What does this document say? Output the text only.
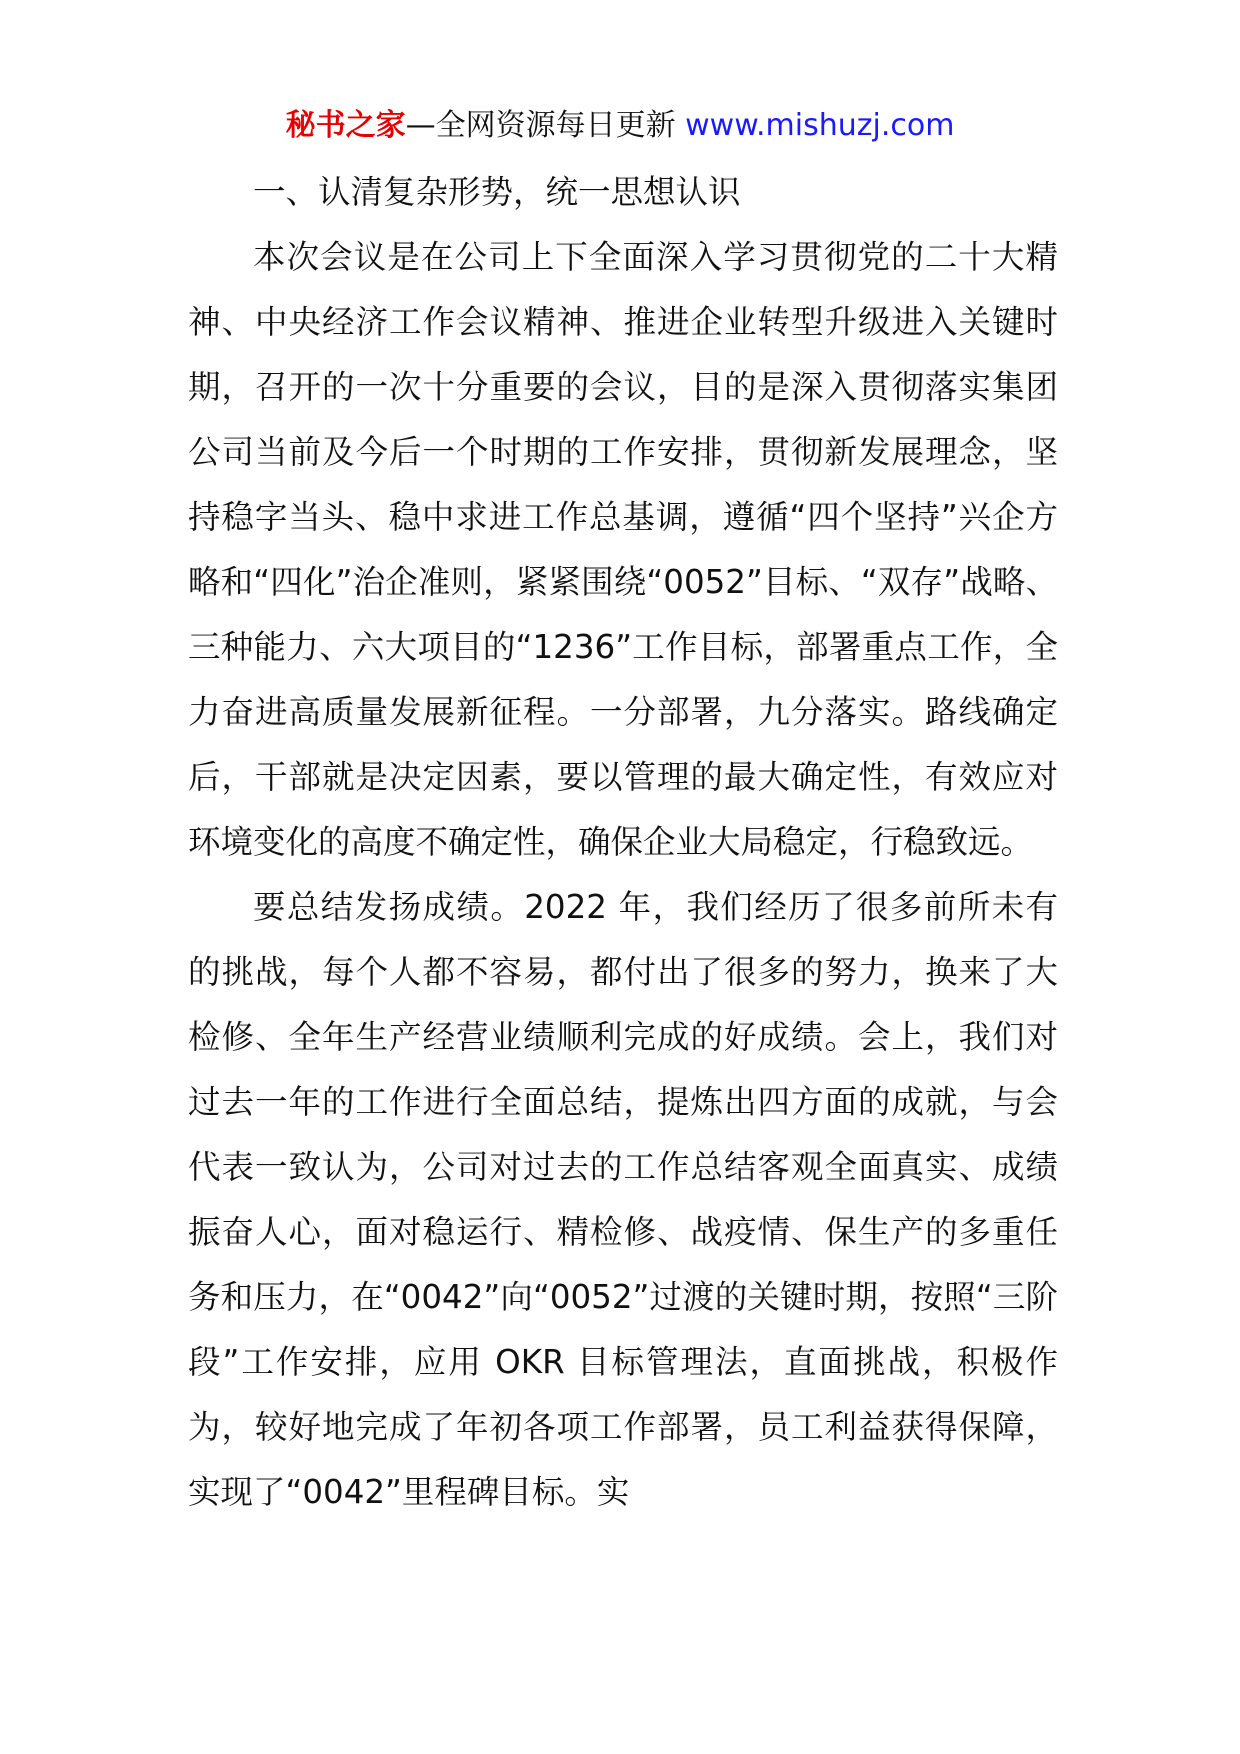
秘书之家—全网资源每日更新 www.mishuzj.com
一、认清复杂形势，统一思想认识

本次会议是在公司上下全面深入学习贯彻党的二十大精神、中央经济工作会议精神、推进企业转型升级进入关键时期，召开的一次十分重要的会议，目的是深入贯彻落实集团公司当前及今后一个时期的工作安排，贯彻新发展理念，坚持稳字当头、稳中求进工作总基调，遵循“四个坚持”兴企方略和“四化”治企准则，紧紧围绕“0052”目标、“双存”战略、三种能力、六大项目的“1236”工作目标，部署重点工作，全力奋进高质量发展新征程。一分部署，九分落实。路线确定后，干部就是决定因素，要以管理的最大确定性，有效应对环境变化的高度不确定性，确保企业大局稳定，行稳致远。

要总结发扬成绩。2022 年，我们经历了很多前所未有的挑战，每个人都不容易，都付出了很多的努力，换来了大检修、全年生产经营业绩顺利完成的好成绩。会上，我们对过去一年的工作进行全面总结，提炼出四方面的成就，与会代表一致认为，公司对过去的工作总结客观全面真实、成绩振奋人心，面对稳运行、精检修、战疫情、保生产的多重任务和压力，在“0042”向“0052”过渡的关键时期，按照“三阶段”工作安排，应用 OKR 目标管理法，直面挑战，积极作为，较好地完成了年初各项工作部署，员工利益获得保障，实现了“0042”里程碑目标。实
